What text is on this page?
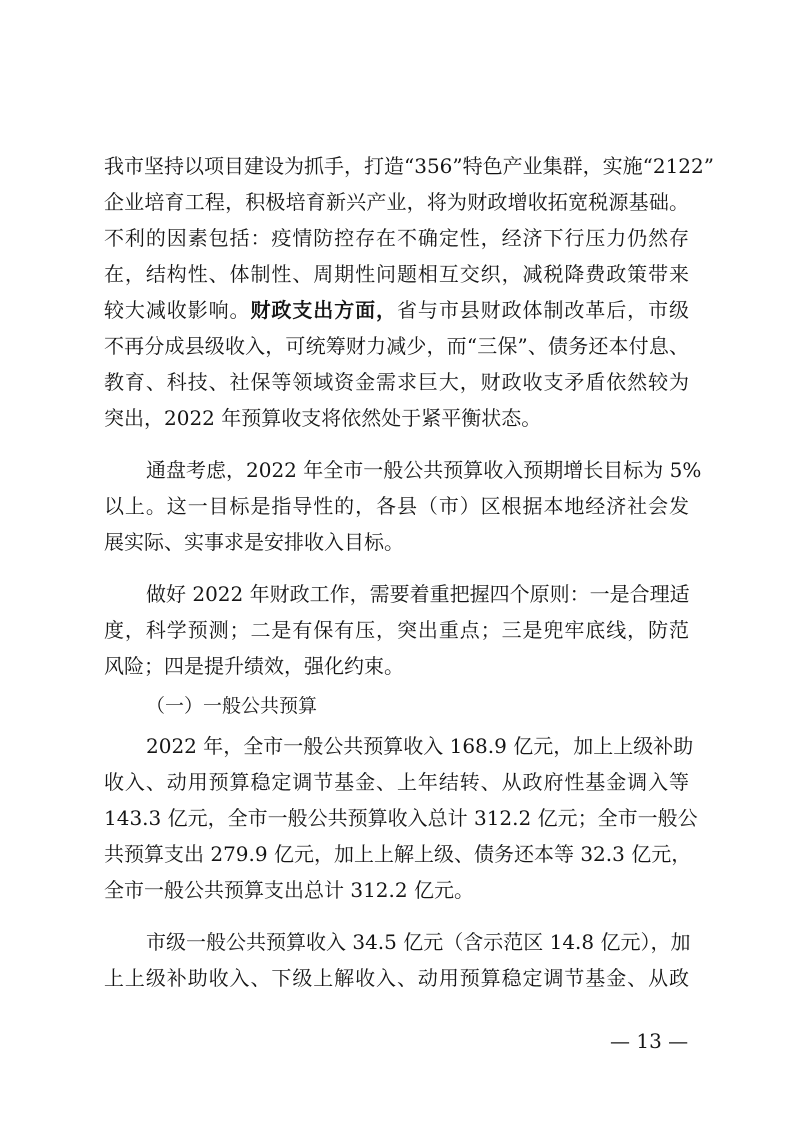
我市坚持以项目建设为抓手，打造“356”特色产业集群，实施“2122”
企业培育工程，积极培育新兴产业，将为财政增收拓宽税源基础。
不利的因素包括：疫情防控存在不确定性，经济下行压力仍然存
在，结构性、体制性、周期性问题相互交织，减税降费政策带来
较大减收影响。财政支出方面，省与市县财政体制改革后，市级
不再分成县级收入，可统筹财力减少，而“三保”、债务还本付息、
教育、科技、社保等领域资金需求巨大，财政收支矛盾依然较为
突出，2022 年预算收支将依然处于紧平衡状态。
通盘考虑，2022 年全市一般公共预算收入预期增长目标为 5%
以上。这一目标是指导性的，各县（市）区根据本地经济社会发
展实际、实事求是安排收入目标。
做好 2022 年财政工作，需要着重把握四个原则：一是合理适
度，科学预测；二是有保有压，突出重点；三是兜牢底线，防范
风险；四是提升绩效，强化约束。
（一）一般公共预算
2022 年，全市一般公共预算收入 168.9 亿元，加上上级补助
收入、动用预算稳定调节基金、上年结转、从政府性基金调入等
143.3 亿元，全市一般公共预算收入总计 312.2 亿元；全市一般公
共预算支出 279.9 亿元，加上上解上级、债务还本等 32.3 亿元，
全市一般公共预算支出总计 312.2 亿元。
市级一般公共预算收入 34.5 亿元（含示范区 14.8 亿元），加
上上级补助收入、下级上解收入、动用预算稳定调节基金、从政
— 13 —
